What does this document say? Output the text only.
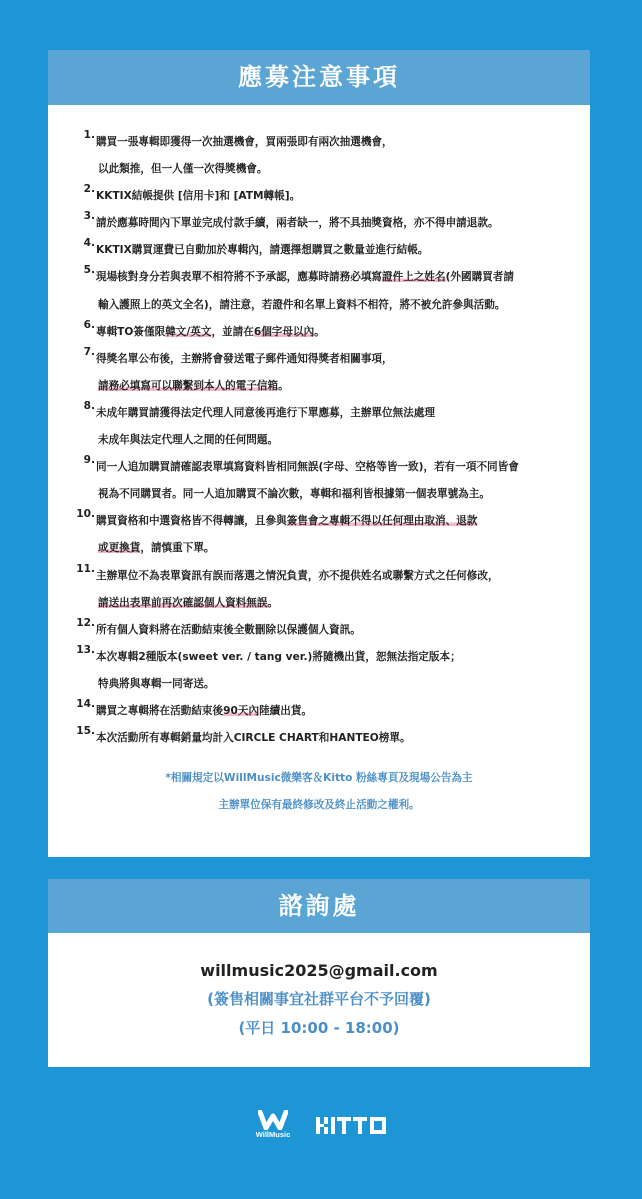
應募注意事項
1.
購買一張專輯即獲得一次抽選機會，買兩張即有兩次抽選機會，
以此類推，但一人僅一次得獎機會。
2.
KKTIX結帳提供 [信用卡]和 [ATM轉帳]。
3.
請於應募時間內下單並完成付款手續，兩者缺一，將不具抽獎資格，亦不得申請退款。
4.
KKTIX購買運費已自動加於專輯內，請選擇想購買之數量並進行結帳。
5.
現場核對身分若與表單不相符將不予承認，應募時請務必填寫證件上之姓名(外國購買者請
輸入護照上的英文全名)，請注意，若證件和名單上資料不相符，將不被允許參與活動。
6.
專輯TO簽僅限韓文/英文，並請在6個字母以內。
7.
得獎名單公布後，主辦將會發送電子郵件通知得獎者相關事項，
請務必填寫可以聯繫到本人的電子信箱。
8.
未成年購買請獲得法定代理人同意後再進行下單應募，主辦單位無法處理
未成年與法定代理人之間的任何問題。
9.
同一人追加購買請確認表單填寫資料皆相同無誤(字母、空格等皆一致)，若有一項不同皆會
視為不同購買者。同一人追加購買不論次數，專輯和福利皆根據第一個表單號為主。
10.
購買資格和中選資格皆不得轉讓，且參與簽售會之專輯不得以任何理由取消、退款
或更換貨，請慎重下單。
11.
主辦單位不為表單資訊有誤而落選之情況負責，亦不提供姓名或聯繫方式之任何修改，
請送出表單前再次確認個人資料無誤。
12.
所有個人資料將在活動結束後全數刪除以保護個人資訊。
13.
本次專輯2種版本(sweet ver. / tang ver.)將隨機出貨，恕無法指定版本；
特典將與專輯一同寄送。
14.
購買之專輯將在活動結束後90天內陸續出貨。
15.
本次活動所有專輯銷量均計入CIRCLE CHART和HANTEO榜單。
*相關規定以WillMusic微樂客＆Kitto 粉絲專頁及現場公告為主
主辦單位保有最終修改及終止活動之權利。
諮詢處
willmusic2025@gmail.com
(簽售相關事宜社群平台不予回覆)
(平日 10:00 - 18:00)
WillMusic
